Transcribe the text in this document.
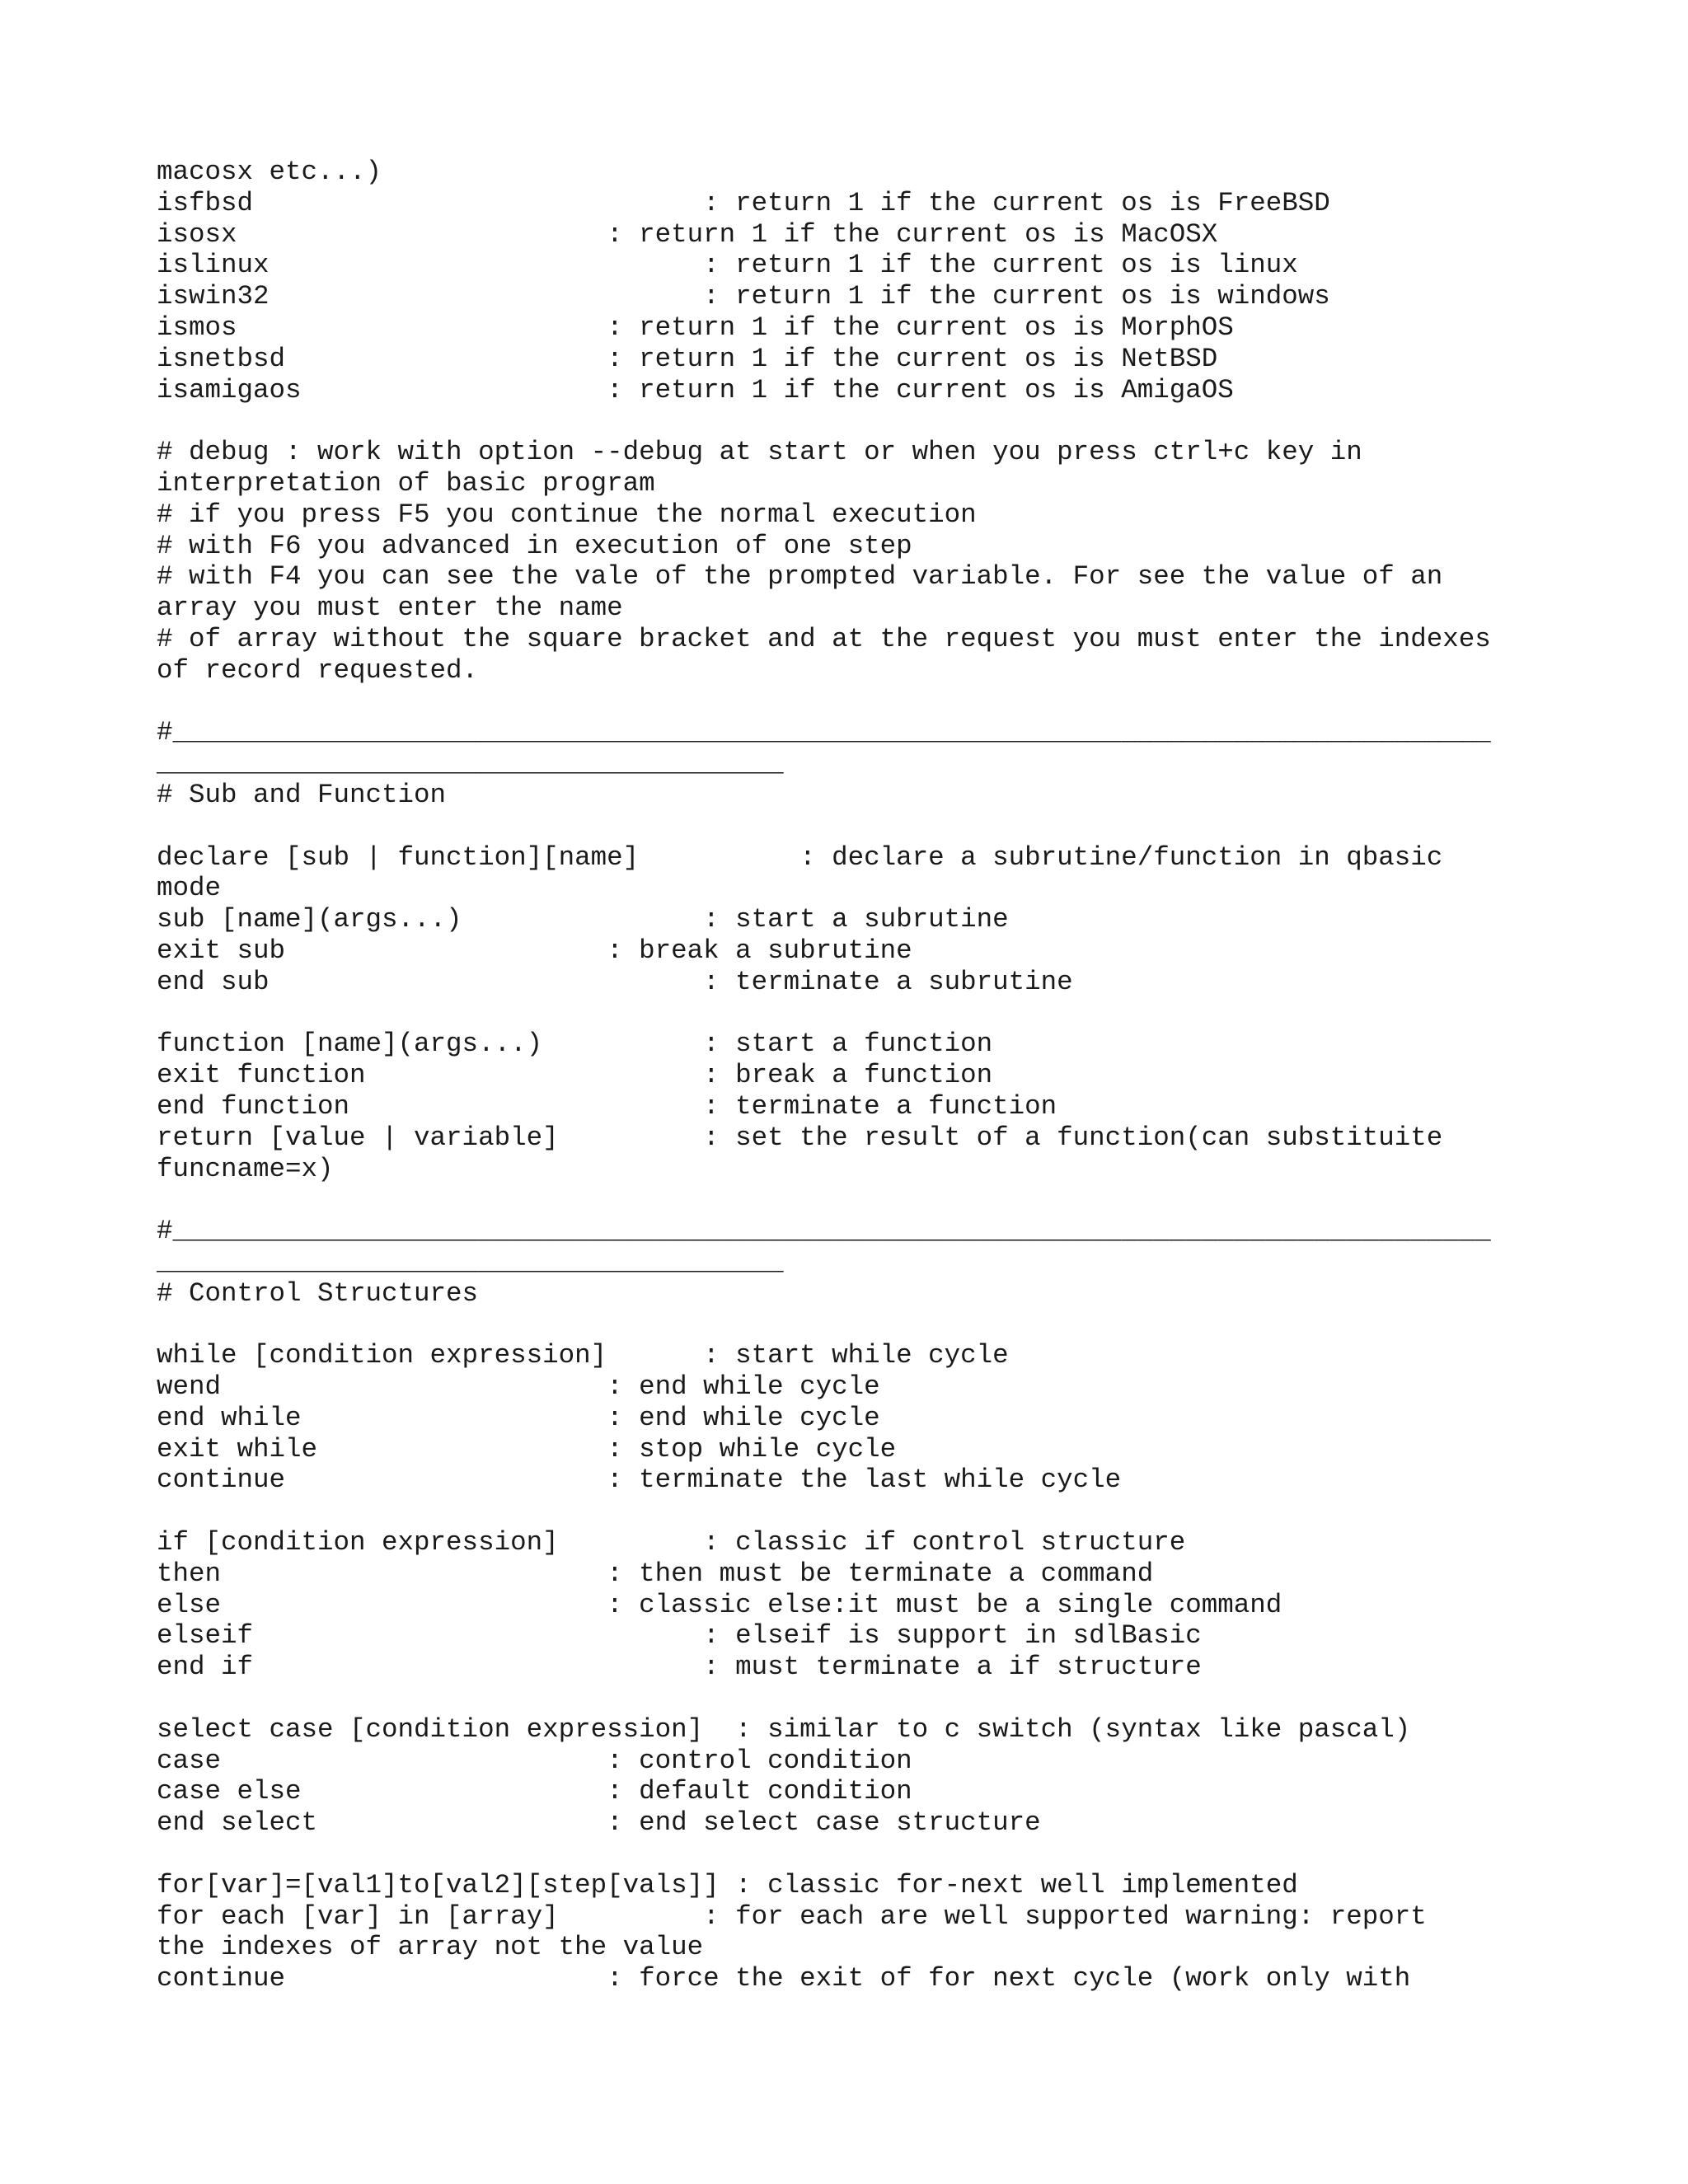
macosx etc...)
isfbsd                            : return 1 if the current os is FreeBSD
isosx                       : return 1 if the current os is MacOSX
islinux                           : return 1 if the current os is linux
iswin32                           : return 1 if the current os is windows
ismos                       : return 1 if the current os is MorphOS
isnetbsd                    : return 1 if the current os is NetBSD
isamigaos                   : return 1 if the current os is AmigaOS
# debug : work with option --debug at start or when you press ctrl+c key in
interpretation of basic program
# if you press F5 you continue the normal execution
# with F6 you advanced in execution of one step
# with F4 you can see the vale of the prompted variable. For see the value of an
array you must enter the name
# of array without the square bracket and at the request you must enter the indexes
of record requested.
#__________________________________________________________________________________
_______________________________________
# Sub and Function
declare [sub | function][name]          : declare a subrutine/function in qbasic
mode
sub [name](args...)               : start a subrutine
exit sub                    : break a subrutine
end sub                           : terminate a subrutine
function [name](args...)          : start a function
exit function                     : break a function
end function                      : terminate a function
return [value | variable]         : set the result of a function(can substituite
funcname=x)
#__________________________________________________________________________________
_______________________________________
# Control Structures
while [condition expression]      : start while cycle
wend                        : end while cycle
end while                   : end while cycle
exit while                  : stop while cycle
continue                    : terminate the last while cycle
if [condition expression]         : classic if control structure
then                        : then must be terminate a command
else                        : classic else:it must be a single command
elseif                            : elseif is support in sdlBasic
end if                            : must terminate a if structure
select case [condition expression]  : similar to c switch (syntax like pascal)
case                        : control condition
case else                   : default condition
end select                  : end select case structure
for[var]=[val1]to[val2][step[vals]] : classic for-next well implemented
for each [var] in [array]         : for each are well supported warning: report
the indexes of array not the value
continue                    : force the exit of for next cycle (work only with
